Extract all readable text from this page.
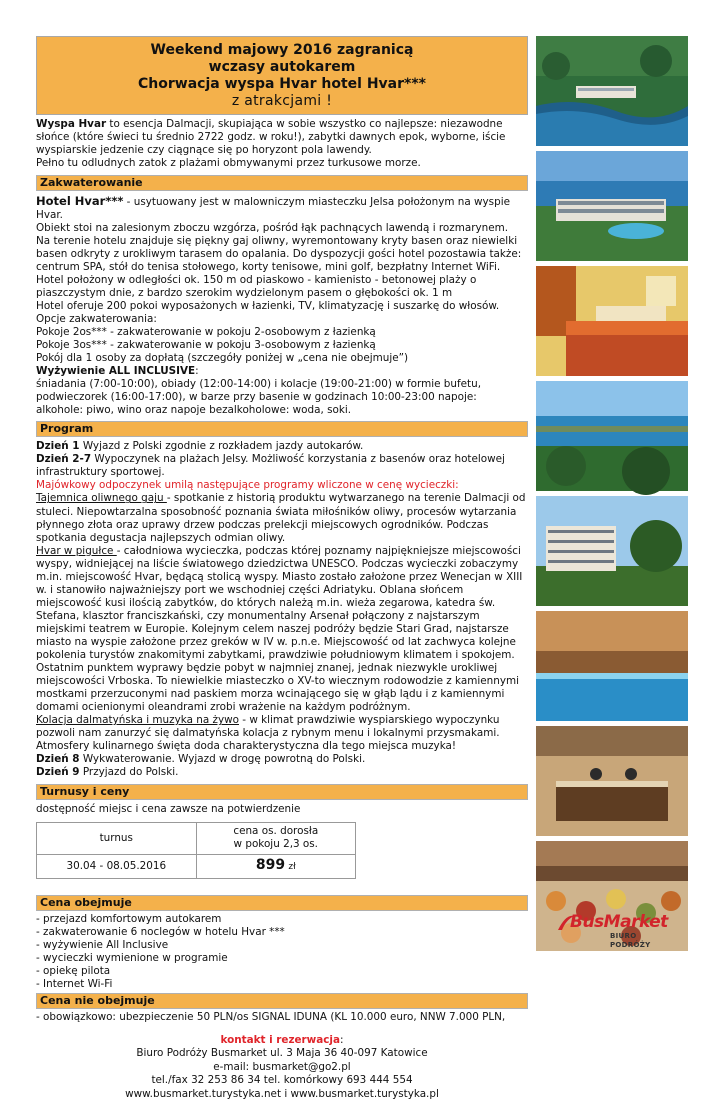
Weekend majowy 2016 zagranicą
wczasy autokarem
Chorwacja wyspa Hvar hotel Hvar***
z atrakcjami !

Wyspa Hvar to esencja Dalmacji, skupiająca w sobie wszystko co najlepsze: niezawodne słońce (które świeci tu średnio 2722 godz. w roku!), zabytki dawnych epok, wyborne, iście wyspiarskie jedzenie czy ciągnące się po horyzont pola lawendy.

Pełno tu odludnych zatok z plażami obmywanymi przez turkusowe morze.

Zakwaterowanie

Hotel Hvar*** - usytuowany jest w malowniczym miasteczku Jelsa położonym na wyspie Hvar.

Obiekt stoi na zalesionym zboczu wzgórza, pośród łąk pachnących lawendą i rozmarynem.

Na terenie hotelu znajduje się piękny gaj oliwny, wyremontowany kryty basen oraz niewielki basen odkryty z urokliwym tarasem do opalania. Do dyspozycji gości hotel pozostawia także: centrum SPA, stół do tenisa stołowego, korty tenisowe, mini golf, bezpłatny Internet WiFi.

Hotel położony w odległości ok. 150 m od piaskowo - kamienisto - betonowej plaży o piaszczystym dnie, z bardzo szerokim wydzielonym pasem o głębokości ok. 1 m

Hotel oferuje 200 pokoi wyposażonych w łazienki, TV, klimatyzację i suszarkę do włosów.

Opcje zakwaterowania:

Pokoje 2os*** - zakwaterowanie w pokoju 2-osobowym z łazienką

Pokoje 3os*** - zakwaterowanie w pokoju 3-osobowym z łazienką

Pokój dla 1 osoby za dopłatą (szczegóły poniżej w „cena nie obejmuje”)

Wyżywienie ALL INCLUSIVE:

śniadania (7:00-10:00), obiady (12:00-14:00) i kolacje (19:00-21:00) w formie bufetu,

podwieczorek (16:00-17:00), w barze przy basenie w godzinach 10:00-23:00 napoje:

alkohole: piwo, wino oraz napoje bezalkoholowe: woda, soki.

Program

Dzień 1 Wyjazd z Polski zgodnie z rozkładem jazdy autokarów.

Dzień 2-7 Wypoczynek na plażach Jelsy. Możliwość korzystania z basenów oraz hotelowej infrastruktury sportowej.

Majówkowy odpoczynek umilą następujące programy wliczone w cenę wycieczki:

Tajemnica oliwnego gaju - spotkanie z historią produktu wytwarzanego na terenie Dalmacji od stuleci. Niepowtarzalna sposobność poznania świata miłośników oliwy, procesów wytarzania płynnego złota oraz uprawy drzew podczas prelekcji miejscowych ogrodników. Podczas spotkania degustacja najlepszych odmian oliwy.

Hvar w pigułce - całodniowa wycieczka, podczas której poznamy najpiękniejsze miejscowości wyspy, widniejącej na liście światowego dziedzictwa UNESCO. Podczas wycieczki zobaczymy m.in. miejscowość Hvar, będącą stolicą wyspy. Miasto zostało założone przez Wenecjan w XIII w. i stanowiło najważniejszy port we wschodniej części Adriatyku. Oblana słońcem miejscowość kusi ilością zabytków, do których należą m.in. wieża zegarowa, katedra św. Stefana, klasztor franciszkański, czy monumentalny Arsenał połączony z najstarszym miejskimi teatrem w Europie. Kolejnym celem naszej podróży będzie Stari Grad, najstarsze miasto na wyspie założone przez greków w IV w. p.n.e. Miejscowość od lat zachwyca kolejne pokolenia turystów znakomitymi zabytkami, prawdziwie południowym klimatem i spokojem. Ostatnim punktem wyprawy będzie pobyt w najmniej znanej, jednak niezwykle urokliwej miejscowości Vrboska. To niewielkie miasteczko o XV-to wiecznym rodowodzie z kamiennymi mostkami przerzuconymi nad paskiem morza wcinającego się w głąb lądu i z kamiennymi domami ocienionymi oleandrami zrobi wrażenie na każdym podróżnym.

Kolacja dalmatyńska i muzyka na żywo - w klimat prawdziwie wyspiarskiego wypoczynku pozwoli nam zanurzyć się dalmatyńska kolacja z rybnym menu i lokalnymi przysmakami.

Atmosfery kulinarnego święta doda charakterystyczna dla tego miejsca muzyka!

Dzień 8 Wykwaterowanie. Wyjazd w drogę powrotną do Polski.

Dzień 9 Przyjazd do Polski.

Turnusy i ceny

dostępność miejsc i cena zawsze na potwierdzenie

turnus	cena os. dorosła
w pokoju 2,3 os.

30.04 - 08.05.2016	899 zł
Cena obejmuje
- przejazd komfortowym autokarem
- zakwaterowanie 6 noclegów w hotelu Hvar ***
- wyżywienie All Inclusive
- wycieczki wymienione w programie
- opiekę pilota
- Internet Wi-Fi
Cena nie obejmuje
- obowiązkowo: ubezpieczenie 50 PLN/os SIGNAL IDUNA (KL 10.000 euro, NNW 7.000 PLN,
kontakt i rezerwacja:
Biuro Podróży Busmarket ul. 3 Maja 36 40-097 Katowice
e-mail: busmarket@go2.pl
tel./fax 32 253 86 34 tel. komórkowy 693 444 554
www.busmarket.turystyka.net i www.busmarket.turystyka.pl
BusMarket
BIURO PODRÓŻY
